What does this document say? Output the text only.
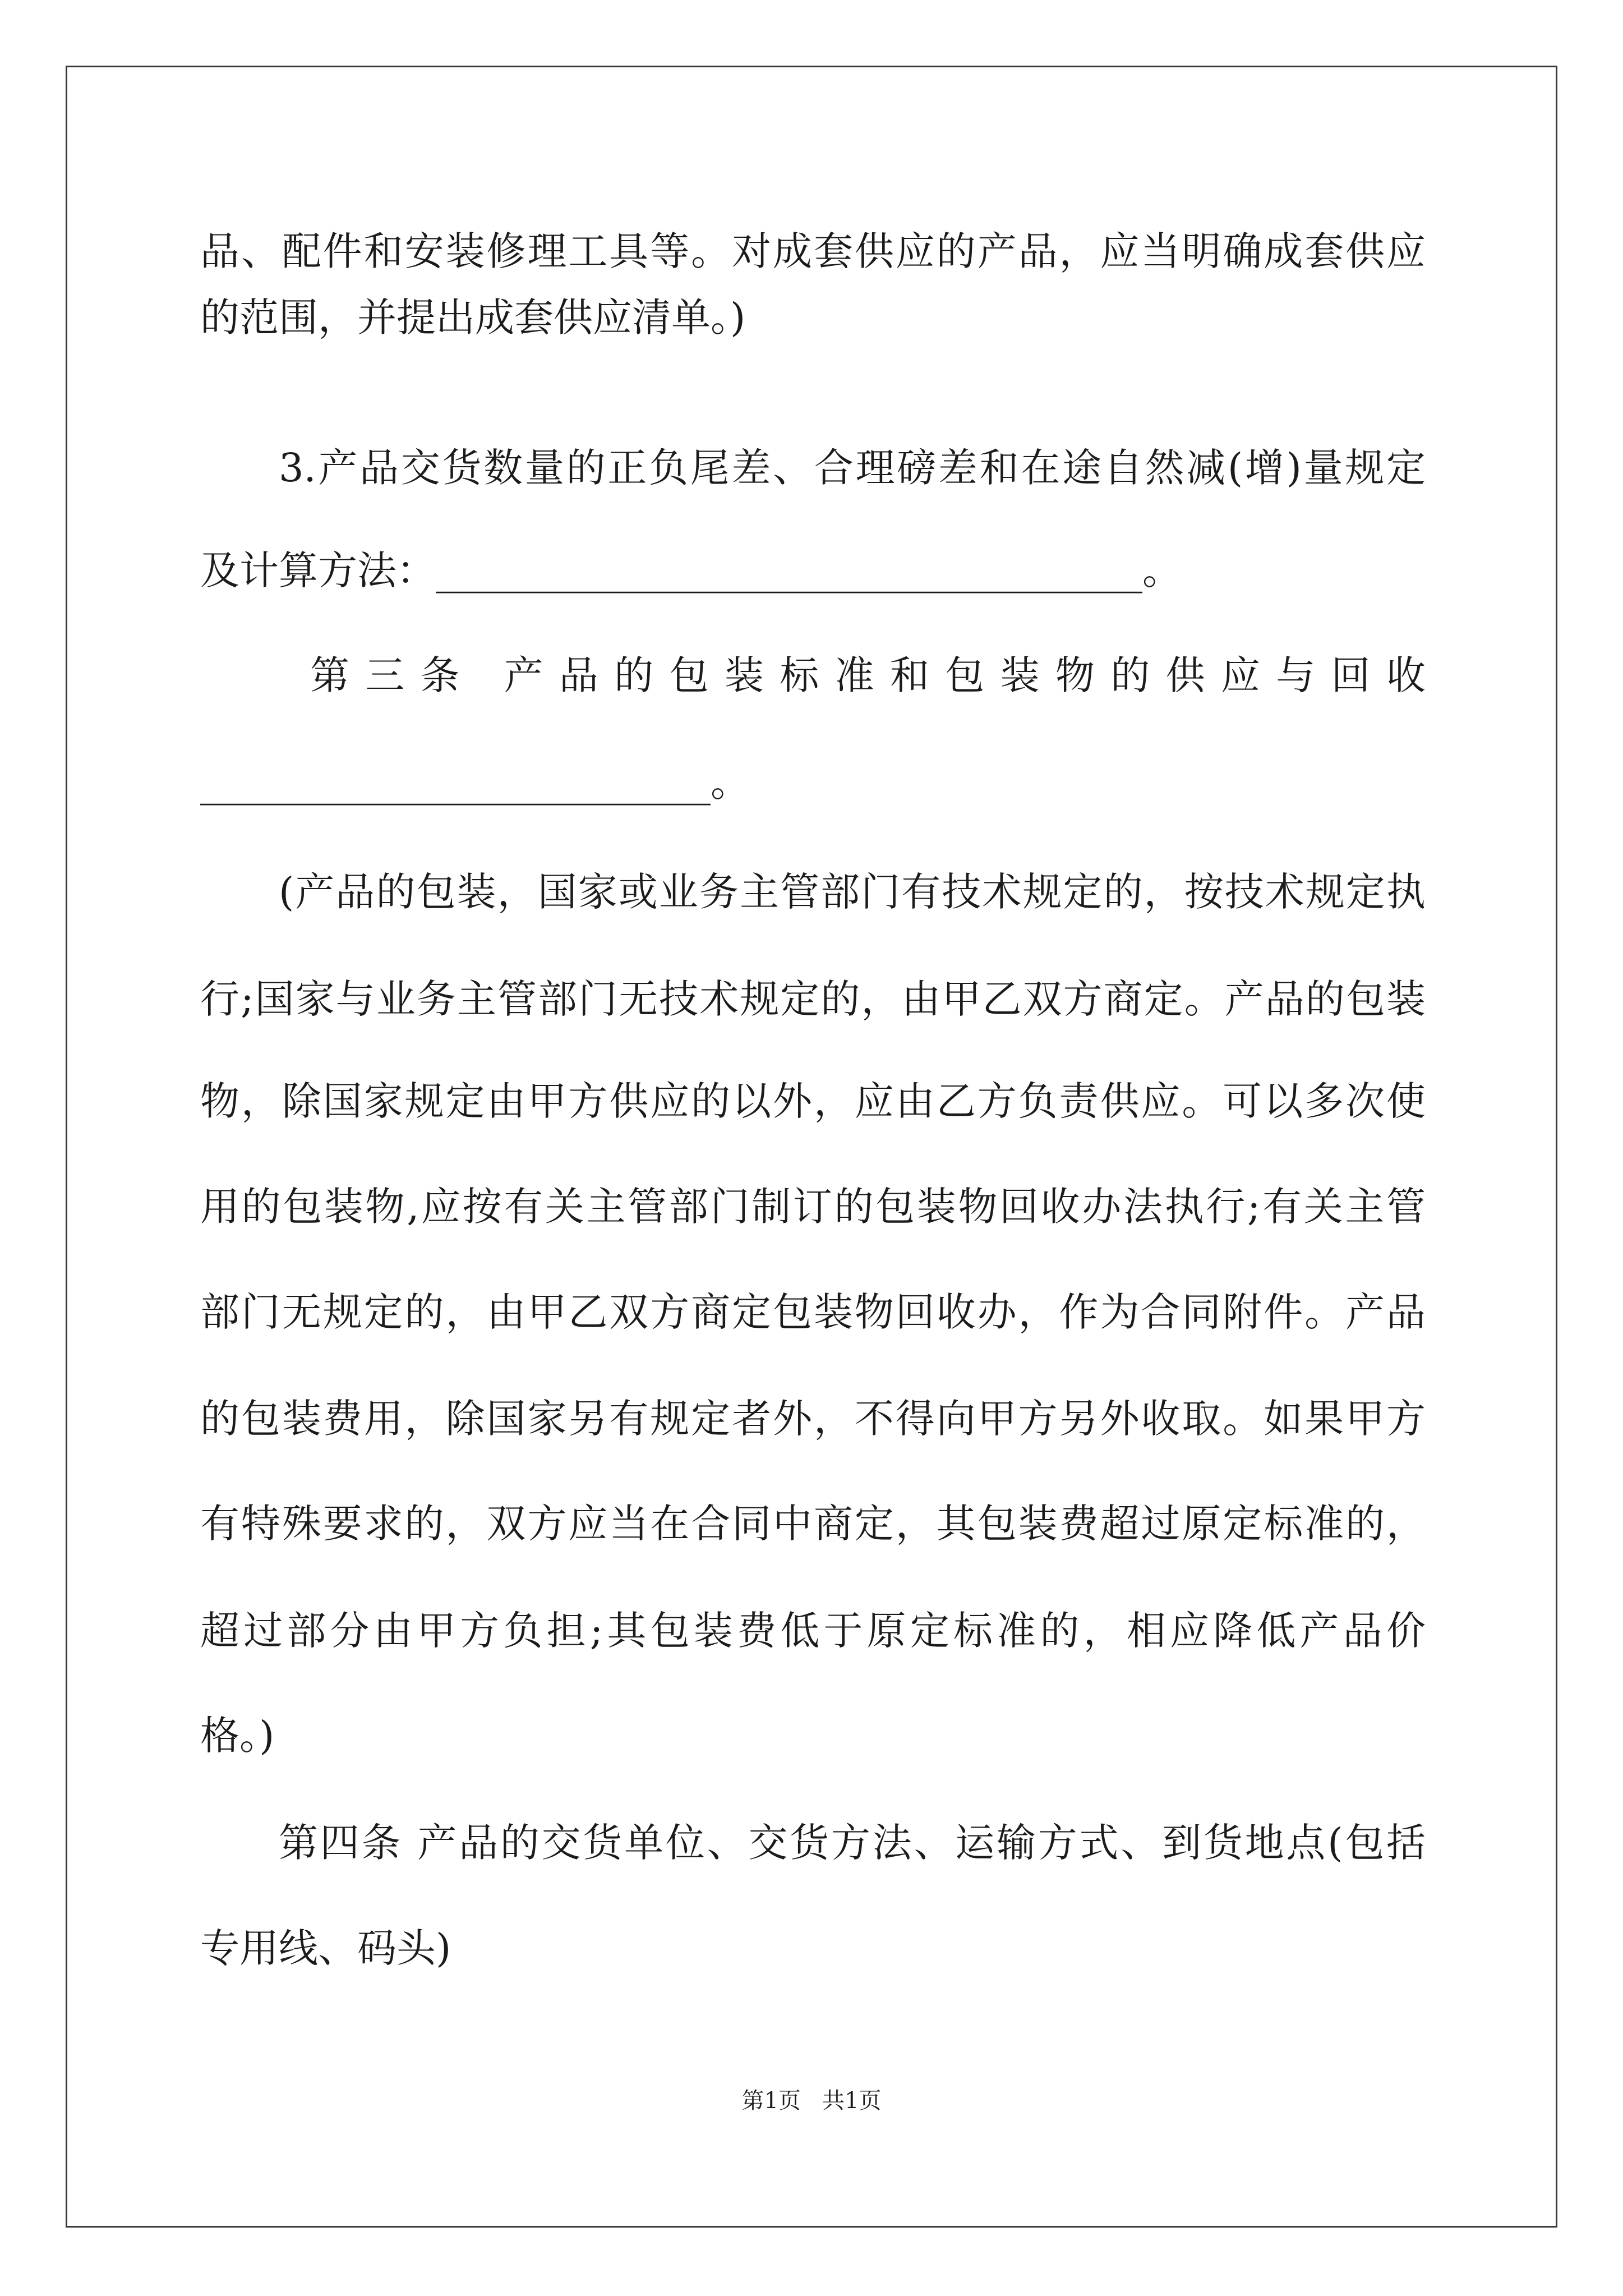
品、配件和安装修理工具等。对成套供应的产品，应当明确成套供应
的范围，并提出成套供应清单。)
3.产品交货数量的正负尾差、合理磅差和在途自然减(增)量规定
及计算方法：____________________________________。
第三条 产品的包装标准和包装物的供应与回收
__________________________。
(产品的包装，国家或业务主管部门有技术规定的，按技术规定执
行;国家与业务主管部门无技术规定的，由甲乙双方商定。产品的包装
物，除国家规定由甲方供应的以外，应由乙方负责供应。可以多次使
用的包装物,应按有关主管部门制订的包装物回收办法执行;有关主管
部门无规定的，由甲乙双方商定包装物回收办，作为合同附件。产品
的包装费用，除国家另有规定者外，不得向甲方另外收取。如果甲方
有特殊要求的，双方应当在合同中商定，其包装费超过原定标准的，
超过部分由甲方负担;其包装费低于原定标准的，相应降低产品价
格。)
第四条 产品的交货单位、交货方法、运输方式、到货地点(包括
专用线、码头)
第1页   共1页
